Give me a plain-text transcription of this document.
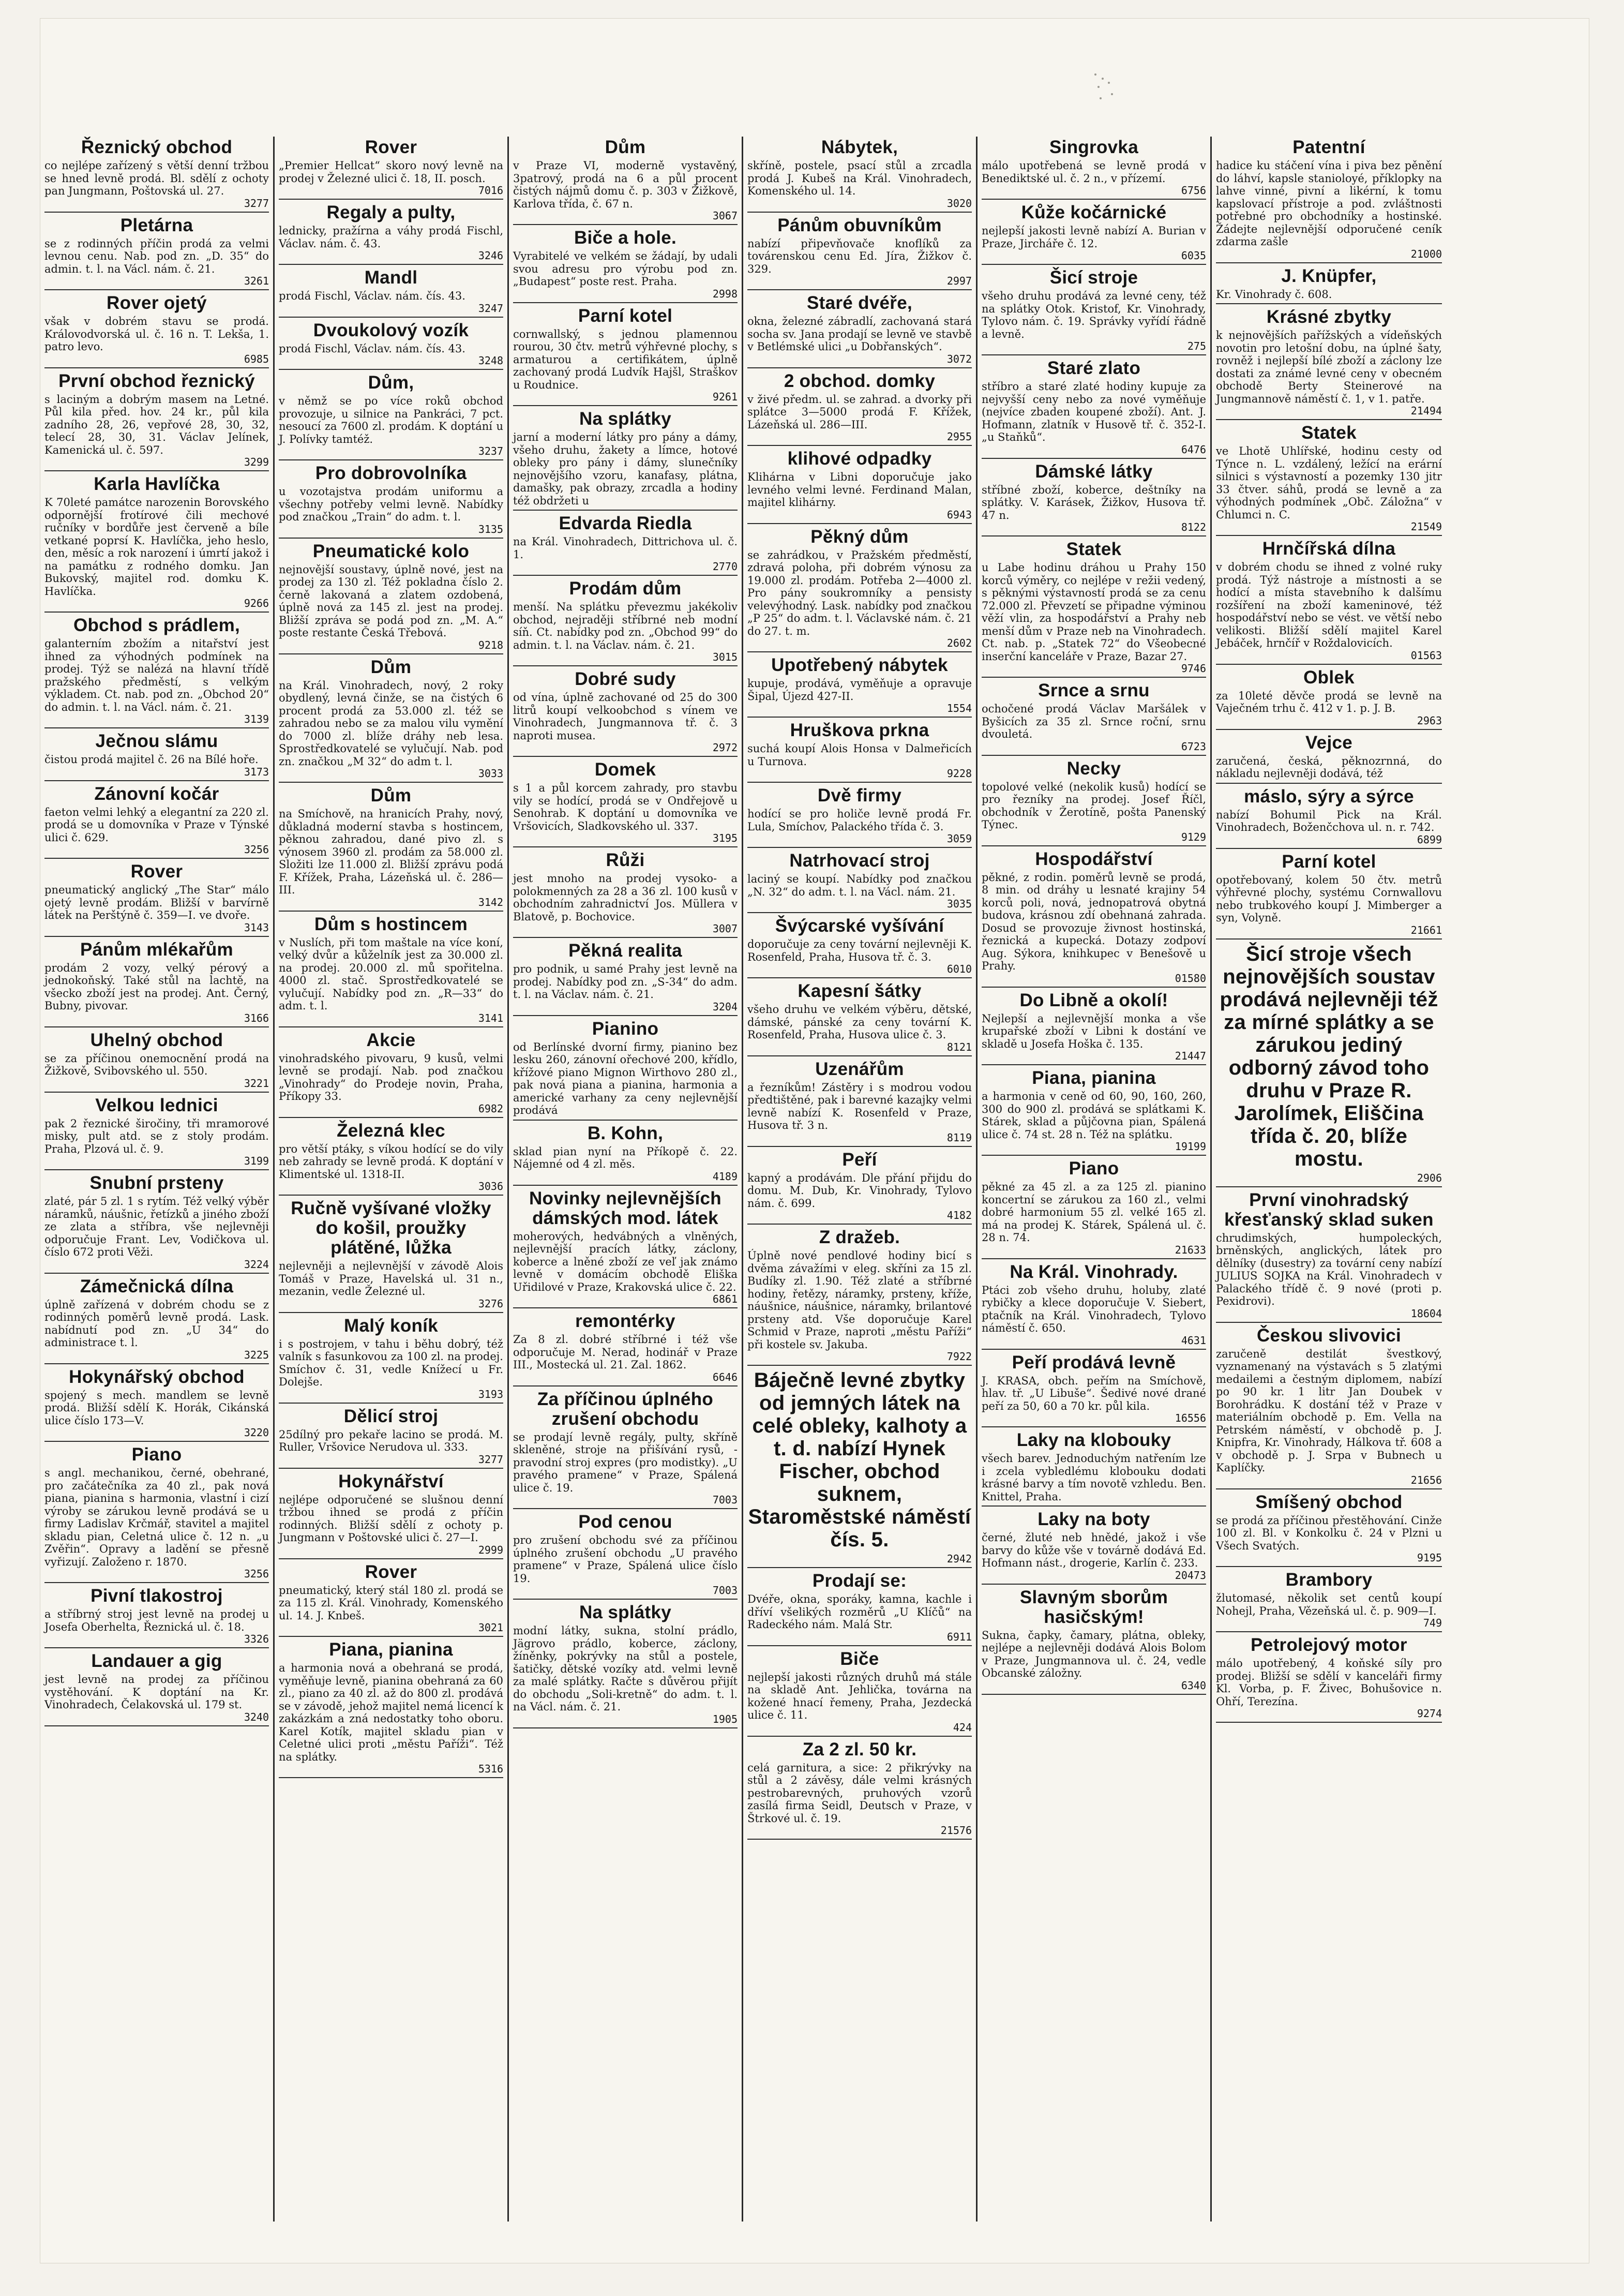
Řeznický obchod
co nejlépe zařízený s větší denní tržbou se hned levně prodá. Bl. sdělí z ochoty pan Jungmann, Poštovská ul. 27.
3277
Pletárna
se z rodinných příčin prodá za velmi levnou cenu. Nab. pod zn. „D. 35“ do admin. t. l. na Václ. nám. č. 21.
3261
Rover ojetý
však v dobrém stavu se prodá. Královodvorská ul. č. 16 n. T. Lekša, 1. patro levo.
6985
První obchod řeznický
s laciným a dobrým masem na Letné. Půl kila před. hov. 24 kr., půl kila zadního 28, 26, vepřové 28, 30, 32, telecí 28, 30, 31. Václav Jelínek, Kamenická ul. č. 597.
3299
Karla Havlíčka
K 70leté památce narozenin Borovského odpornější frotírové čili mechové ručníky v bordůře jest červeně a bíle vetkané poprsí K. Havlíčka, jeho heslo, den, měsíc a rok narození i úmrtí jakož i na památku z rodného domku. Jan Bukovský, majitel rod. domku K. Havlíčka.
9266
Obchod s prádlem,
galanterním zbožím a nitařství jest ihned za výhodných podmínek na prodej. Týž se nalézá na hlavní třídě pražského předměstí, s velkým výkladem. Ct. nab. pod zn. „Obchod 20“ do admin. t. l. na Václ. nám. č. 21.
3139
Ječnou slámu
čistou prodá majitel č. 26 na Bílé hoře.
3173
Zánovní kočár
faeton velmi lehký a elegantní za 220 zl. prodá se u domovníka v Praze v Týnské ulici č. 629.
3256
Rover
pneumatický anglický „The Star“ málo ojetý levně prodám. Bližší v barvírně látek na Perštýně č. 359—I. ve dvoře.
3143
Pánům mlékařům
prodám 2 vozy, velký pérový a jednokoňský. Také stůl na lachtě, na všecko zboží jest na prodej. Ant. Černý, Bubny, pivovar.
3166
Uhelný obchod
se za příčinou onemocnění prodá na Žižkově, Svibovského ul. 550.
3221
Velkou lednici
pak 2 řeznické širočiny, tři mramorové misky, pult atd. se z stoly prodám. Praha, Plzová ul. č. 9.
3199
Snubní prsteny
zlaté, pár 5 zl. 1 s rytím. Též velký výběr náramků, náušnic, řetízků a jiného zboží ze zlata a stříbra, vše nejlevněji odporučuje Frant. Lev, Vodičkova ul. číslo 672 proti Věži.
3224
Zámečnická dílna
úplně zařízená v dobrém chodu se z rodinných poměrů levně prodá. Lask. nabídnutí pod zn. „U 34“ do administrace t. l.
3225
Hokynářský obchod
spojený s mech. mandlem se levně prodá. Bližší sdělí K. Horák, Cikánská ulice číslo 173—V.
3220
Piano
s angl. mechanikou, černé, obehrané, pro začátečníka za 40 zl., pak nová piana, pianina s harmonia, vlastní i cizí výroby se zárukou levně prodává se u firmy Ladislav Krčmář, stavitel a majitel skladu pian, Celetná ulice č. 12 n. „u Zvěřin“. Opravy a ladění se přesně vyřizují. Založeno r. 1870.
3256
Pivní tlakostroj
a stříbrný stroj jest levně na prodej u Josefa Oberhelta, Řeznická ul. č. 18.
3326
Landauer a gig
jest levně na prodej za příčinou vystěhování. K doptání na Kr. Vinohradech, Čelakovská ul. 179 st.
3240
Rover
„Premier Hellcat“ skoro nový levně na prodej v Železné ulici č. 18, II. posch.
7016
Regaly a pulty,
lednicky, pražírna a váhy prodá Fischl, Václav. nám. č. 43.
3246
Mandl
prodá Fischl, Václav. nám. čís. 43.
3247
Dvoukolový vozík
prodá Fischl, Václav. nám. čís. 43.
3248
Dům,
v němž se po více roků obchod provozuje, u silnice na Pankráci, 7 pct. nesoucí za 7600 zl. prodám. K doptání u J. Polívky tamtéž.
3237
Pro dobrovolníka
u vozotajstva prodám uniformu a všechny potřeby velmi levně. Nabídky pod značkou „Train“ do adm. t. l.
3135
Pneumatické kolo
nejnovější soustavy, úplně nové, jest na prodej za 130 zl. Též pokladna číslo 2. černě lakovaná a zlatem ozdobená, úplně nová za 145 zl. jest na prodej. Bližší zpráva se podá pod zn. „M. A.“ poste restante Česká Třebová.
9218
Dům
na Král. Vinohradech, nový, 2 roky obydlený, levná činže, se na čistých 6 procent prodá za 53.000 zl. též se zahradou nebo se za malou vilu vymění do 7000 zl. blíže dráhy neb lesa. Sprostředkovatelé se vylučují. Nab. pod zn. značkou „M 32“ do adm t. l.
3033
Dům
na Smíchově, na hranicích Prahy, nový, důkladná moderní stavba s hostincem, pěknou zahradou, dané pivo zl. s výnosem 3960 zl. prodám za 58.000 zl. Složiti lze 11.000 zl. Bližší zprávu podá F. Křížek, Praha, Lázeňská ul. č. 286—III.
3142
Dům s hostincem
v Nuslích, při tom maštale na více koní, velký dvůr a kůželník jest za 30.000 zl. na prodej. 20.000 zl. mů spořitelna. 4000 zl. stač. Sprostředkovatelé se vylučují. Nabídky pod zn. „R—33“ do adm. t. l.
3141
Akcie
vinohradského pivovaru, 9 kusů, velmi levně se prodají. Nab. pod značkou „Vinohrady“ do Prodeje novin, Praha, Příkopy 33.
6982
Železná klec
pro větší ptáky, s víkou hodící se do vily neb zahrady se levně prodá. K doptání v Klimentské ul. 1318-II.
3036
Ručně vyšívané vložky do košil, proužky plátěné, lůžka
nejlevněji a nejlevnější v závodě Alois Tomáš v Praze, Havelská ul. 31 n., mezanin, vedle Železné ul.
3276
Malý koník
i s postrojem, v tahu i běhu dobrý, též valník s fasunkovou za 100 zl. na prodej. Smíchov č. 31, vedle Knížecí u Fr. Dolejše.
3193
Dělicí stroj
25dílný pro pekaře lacino se prodá. M. Ruller, Vršovice Nerudova ul. 333.
3277
Hokynářství
nejlépe odporučené se slušnou denní tržbou ihned se prodá z příčin rodinných. Bližší sdělí z ochoty p. Jungmann v Poštovské ulici č. 27—I.
2999
Rover
pneumatický, který stál 180 zl. prodá se za 115 zl. Král. Vinohrady, Komenského ul. 14. J. Knbeš.
3021
Piana, pianina
a harmonia nová a obehraná se prodá, vyměňuje levně, pianina obehraná za 60 zl., piano za 40 zl. až do 800 zl. prodává se v závodě, jehož majitel nemá licencí k zakázkám a zná nedostatky toho oboru. Karel Kotík, majitel skladu pian v Celetné ulici proti „městu Paříži“. Též na splátky.
5316
Dům
v Praze VI, moderně vystavěný, 3patrový, prodá na 6 a půl procent čistých nájmů domu č. p. 303 v Žižkově, Karlova třída, č. 67 n.
3067
Biče a hole.
Vyrabitelé ve velkém se žádají, by udali svou adresu pro výrobu pod zn. „Budapest“ poste rest. Praha.
2998
Parní kotel
cornwallský, s jednou plamennou rourou, 30 čtv. metrů výhřevné plochy, s armaturou a certifikátem, úplně zachovaný prodá Ludvík Hajšl, Straškov u Roudnice.
9261
Na splátky
jarní a moderní látky pro pány a dámy, všeho druhu, žakety a límce, hotové obleky pro pány i dámy, slunečníky nejnovějšího vzoru, kanafasy, plátna, damašky, pak obrazy, zrcadla a hodiny též obdržeti u
Edvarda Riedla
na Král. Vinohradech, Dittrichova ul. č. 1.
2770
Prodám dům
menší. Na splátku převezmu jakékoliv obchod, nejraději stříbrné neb modní síň. Ct. nabídky pod zn. „Obchod 99“ do admin. t. l. na Václav. nám. č. 21.
3015
Dobré sudy
od vína, úplně zachované od 25 do 300 litrů koupí velkoobchod s vínem ve Vinohradech, Jungmannova tř. č. 3 naproti musea.
2972
Domek
s 1 a půl korcem zahrady, pro stavbu vily se hodící, prodá se v Ondřejově u Senohrab. K doptání u domovníka ve Vršovicích, Sladkovského ul. 337.
3195
Růži
jest mnoho na prodej vysoko- a polokmenných za 28 a 36 zl. 100 kusů v obchodním zahradnictví Jos. Müllera v Blatově, p. Bochovice.
3007
Pěkná realita
pro podnik, u samé Prahy jest levně na prodej. Nabídky pod zn. „S-34“ do adm. t. l. na Václav. nám. č. 21.
3204
Pianino
od Berlínské dvorní firmy, pianino bez lesku 260, zánovní ořechové 200, křídlo, křížové piano Mignon Wirthovo 280 zl., pak nová piana a pianina, harmonia a americké varhany za ceny nejlevnější prodává
B. Kohn,
sklad pian nyní na Příkopě č. 22. Nájemné od 4 zl. měs.
4189
Novinky nejlevnějších dámských mod. látek
moherových, hedvábných a vlněných, nejlevnější pracích látky, záclony, koberce a lněné zboží ze veľ jak známo levně v domácím obchodě Eliška Uřidilové v Praze, Krakovská ulice č. 22.
6861
remontérky
Za 8 zl. dobré stříbrné i též vše odporučuje M. Nerad, hodinář v Praze III., Mostecká ul. 21. Zal. 1862.
6646
Za příčinou úplného zrušení obchodu
se prodají levně regály, pulty, skříně skleněné, stroje na přišívání rysů, -pravodní stroj expres (pro modistky). „U pravého pramene“ v Praze, Spálená ulice č. 19.
7003
Pod cenou
pro zrušení obchodu své za příčinou úplného zrušení obchodu „U pravého pramene“ v Praze, Spálená ulice číslo 19.
7003
Na splátky
modní látky, sukna, stolní prádlo, Jägrovo prádlo, koberce, záclony, žíněnky, pokrývky na stůl a postele, šatičky, dětské vozíky atd. velmi levně za malé splátky. Račte s důvěrou přijít do obchodu „Soli-kretně“ do adm. t. l. na Václ. nám. č. 21.
1905
Nábytek,
skříně, postele, psací stůl a zrcadla prodá J. Kubeš na Král. Vinohradech, Komenského ul. 14.
3020
Pánům obuvníkům
nabízí připevňovače knoflíků za továrenskou cenu Ed. Jíra, Žižkov č. 329.
2997
Staré dvéře,
okna, železné zábradlí, zachovaná stará socha sv. Jana prodají se levně ve stavbě v Betlémské ulici „u Dobřanských“.
3072
2 obchod. domky
v živé předm. ul. se zahrad. a dvorky při splátce 3—5000 prodá F. Křížek, Lázeňská ul. 286—III.
2955
klihové odpadky
Klihárna v Libni doporučuje jako levného velmi levné. Ferdinand Malan, majitel klihárny.
6943
Pěkný dům
se zahrádkou, v Pražském předměstí, zdravá poloha, při dobrém výnosu za 19.000 zl. prodám. Potřeba 2—4000 zl. Pro pány soukromníky a pensisty velevýhodný. Lask. nabídky pod značkou „P 25“ do adm. t. l. Václavské nám. č. 21 do 27. t. m.
2602
Upotřebený nábytek
kupuje, prodává, vyměňuje a opravuje Šipal, Újezd 427-II.
1554
Hruškova prkna
suchá koupí Alois Honsa v Dalmeřicích u Turnova.
9228
Dvě firmy
hodící se pro holiče levně prodá Fr. Lula, Smíchov, Palackého třída č. 3.
3059
Natrhovací stroj
laciný se koupí. Nabídky pod značkou „N. 32“ do adm. t. l. na Václ. nám. 21.
3035
Švýcarské vyšívání
doporučuje za ceny tovární nejlevněji K. Rosenfeld, Praha, Husova tř. č. 3.
6010
Kapesní šátky
všeho druhu ve velkém výběru, dětské, dámské, pánské za ceny tovární K. Rosenfeld, Praha, Husova ulice č. 3.
8121
Uzenářům
a řezníkům! Zástěry i s modrou vodou předtištěné, pak i barevné kazajky velmi levně nabízí K. Rosenfeld v Praze, Husova tř. 3 n.
8119
Peří
kapný a prodávám. Dle přání přijdu do domu. M. Dub, Kr. Vinohrady, Tylovo nám. č. 699.
4182
Z dražeb.
Úplně nové pendlové hodiny bicí s dvěma závažími v eleg. skříni za 15 zl. Budíky zl. 1.90. Též zlaté a stříbrné hodiny, řetězy, náramky, prsteny, kříže, náušnice, náušnice, náramky, brilantové prsteny atd. Vše doporučuje Karel Schmid v Praze, naproti „městu Paříži“ při kostele sv. Jakuba.
7922
Báječně levné zbytky od jemných látek na celé obleky, kalhoty a t. d. nabízí Hynek Fischer, obchod suknem, Staroměstské náměstí čís. 5.
2942
Prodají se:
Dvéře, okna, sporáky, kamna, kachle i dříví všelikých rozměrů „U Klíčů“ na Radeckého nám. Malá Str.
6911
Biče
nejlepší jakosti různých druhů má stále na skladě Ant. Jehlička, továrna na kožené hnací řemeny, Praha, Jezdecká ulice č. 11.
424
Za 2 zl. 50 kr.
celá garnitura, a sice: 2 přikrývky na stůl a 2 závěsy, dále velmi krásných pestrobarevných, pruhových vzorů zasílá firma Seidl, Deutsch v Praze, v Štrkové ul. č. 19.
21576
Singrovka
málo upotřebená se levně prodá v Benediktské ul. č. 2 n., v přízemí.
6756
Kůže kočárnické
nejlepší jakosti levně nabízí A. Burian v Praze, Jircháře č. 12.
6035
Šicí stroje
všeho druhu prodává za levné ceny, též na splátky Otok. Kristof, Kr. Vinohrady, Tylovo nám. č. 19. Správky vyřídí řádně a levně.
275
Staré zlato
stříbro a staré zlaté hodiny kupuje za nejvyšší ceny nebo za nové vyměňuje (nejvíce zbaden koupené zboží). Ant. J. Hofmann, zlatník v Husově tř. č. 352-I. „u Staňků“.
6476
Dámské látky
stříbné zboží, koberce, deštníky na splátky. V. Karásek, Žižkov, Husova tř. 47 n.
8122
Statek
u Labe hodinu dráhou u Prahy 150 korců výměry, co nejlépe v režii vedený, s pěknými výstavností prodá se za cenu 72.000 zl. Převzetí se připadne výminou věží vlin, za hospodářství a Prahy neb menší dům v Praze neb na Vinohradech. Ct. nab. p. „Statek 72“ do Všeobecné inserční kanceláře v Praze, Bazar 27.
9746
Srnce a srnu
ochočené prodá Václav Maršálek v Byšicích za 35 zl. Srnce roční, srnu dvouletá.
6723
Necky
topolové velké (nekolik kusů) hodící se pro řezníky na prodej. Josef Říčl, obchodník v Žerotíně, pošta Panenský Týnec.
9129
Hospodářství
pěkné, z rodin. poměrů levně se prodá, 8 min. od dráhy u lesnaté krajiny 54 korců poli, nová, jednopatrová obytná budova, krásnou zdí obehnaná zahrada. Dosud se provozuje živnost hostinská, řeznická a kupecká. Dotazy zodpoví Aug. Sýkora, knihkupec v Benešově u Prahy.
01580
Do Libně a okolí!
Nejlepší a nejlevnější monka a vše krupařské zboží v Libni k dostání ve skladě u Josefa Hoška č. 135.
21447
Piana, pianina
a harmonia v ceně od 60, 90, 160, 260, 300 do 900 zl. prodává se splátkami K. Stárek, sklad a půjčovna pian, Spálená ulice č. 74 st. 28 n. Též na splátku.
19199
Piano
pěkné za 45 zl. a za 125 zl. pianino koncertní se zárukou za 160 zl., velmi dobré harmonium 55 zl. velké 165 zl. má na prodej K. Stárek, Spálená ul. č. 28 n. 74.
21633
Na Král. Vinohrady.
Ptáci zob všeho druhu, holuby, zlaté rybičky a klece doporučuje V. Siebert, ptačník na Král. Vinohradech, Tylovo náměstí č. 650.
4631
Peří prodává levně
J. KRASA, obch. peřím na Smíchově, hlav. tř. „U Libuše“. Šedivé nové drané peří za 50, 60 a 70 kr. půl kila.
16556
Laky na klobouky
všech barev. Jednoduchým natřením lze i zcela vybledlému klobouku dodati krásné barvy a tím novotě vzhledu. Ben. Knittel, Praha.
Laky na boty
černé, žluté neb hnědé, jakož i vše barvy do kůže vše v továrně dodává Ed. Hofmann nást., drogerie, Karlín č. 233.
20473
Slavným sborům hasičským!
Sukna, čapky, čamary, plátna, obleky, nejlépe a nejlevněji dodává Alois Bolom v Praze, Jungmannova ul. č. 24, vedle Obcanské záložny.
6340
Patentní
hadice ku stáčení vína i piva bez pěnění do láhví, kapsle stanioloyé, příklopky na lahve vinné, pivní a likérní, k tomu kapslovací přístroje a pod. zvláštnosti potřebné pro obchodníky a hostinské. Žádejte nejlevnější odporučené ceník zdarma zašle
21000
J. Knüpfer,
Kr. Vinohrady č. 608.
Krásné zbytky
k nejnovějších pařížských a vídeňských novotin pro letošní dobu, na úplné šaty, rovněž i nejlepší bílé zboží a záclony lze dostati za známé levné ceny v obecném obchodě Berty Steinerové na Jungmannově náměstí č. 1, v 1. patře.
21494
Statek
ve Lhotě Uhlířské, hodinu cesty od Týnce n. L. vzdálený, ležící na erární silnici s výstavností a pozemky 130 jitr 33 čtver. sáhů, prodá se levně a za výhodných podmínek „Obč. Záložna“ v Chlumci n. C.
21549
Hrnčířská dílna
v dobrém chodu se ihned z volné ruky prodá. Týž nástroje a místnosti a se hodící a místa stavebního k dalšímu rozšíření na zboží kameninové, též hospodářství nebo se vést. ve větší nebo velikosti. Bližší sdělí majitel Karel Jebáček, hrnčíř v Roždalovicích.
01563
Oblek
za 10leté děvče prodá se levně na Vaječném trhu č. 412 v 1. p. J. B.
2963
Vejce
zaručená, česká, pěknozrnná, do nákladu nejlevněji dodává, též
máslo, sýry a sýrce
nabízí Bohumil Pick na Král. Vinohradech, Boženčchova ul. n. r. 742.
6899
Parní kotel
opotřebovaný, kolem 50 čtv. metrů výhřevné plochy, systému Cornwallovu nebo trubkového koupí J. Mimberger a syn, Volyně.
21661
Šicí stroje všech nejnovějších soustav prodává nejlevněji též za mírné splátky a se zárukou jediný odborný závod toho druhu v Praze R. Jarolímek, Eliščina třída č. 20, blíže mostu.
2906
První vinohradský křesťanský sklad suken
chrudimských, humpoleckých, brněnských, anglických, látek pro dělníky (dusestry) za tovární ceny nabízí JULIUS SOJKA na Král. Vinohradech v Palackého třídě č. 9 nové (proti p. Pexidrovi).
18604
Českou slivovici
zaručeně destilát švestkový, vyznamenaný na výstavách s 5 zlatými medailemi a čestným diplomem, nabízí po 90 kr. 1 litr Jan Doubek v Borohrádku. K dostání též v Praze v materiálním obchodě p. Em. Vella na Petrském náměstí, v obchodě p. J. Knipfra, Kr. Vinohrady, Hálkova tř. 608 a v obchodě p. J. Srpa v Bubnech u Kaplíčky.
21656
Smíšený obchod
se prodá za příčinou přestěhování. Cinže 100 zl. Bl. v Konkolku č. 24 v Plzni u Všech Svatých.
9195
Brambory
žlutomasé, několik set centů koupí Nohejl, Praha, Vězeňská ul. č. p. 909—I.
749
Petrolejový motor
málo upotřebený, 4 koňské síly pro prodej. Bližší se sdělí v kanceláři firmy Kl. Vorba, p. F. Živec, Bohušovice n. Ohří, Terezína.
9274
